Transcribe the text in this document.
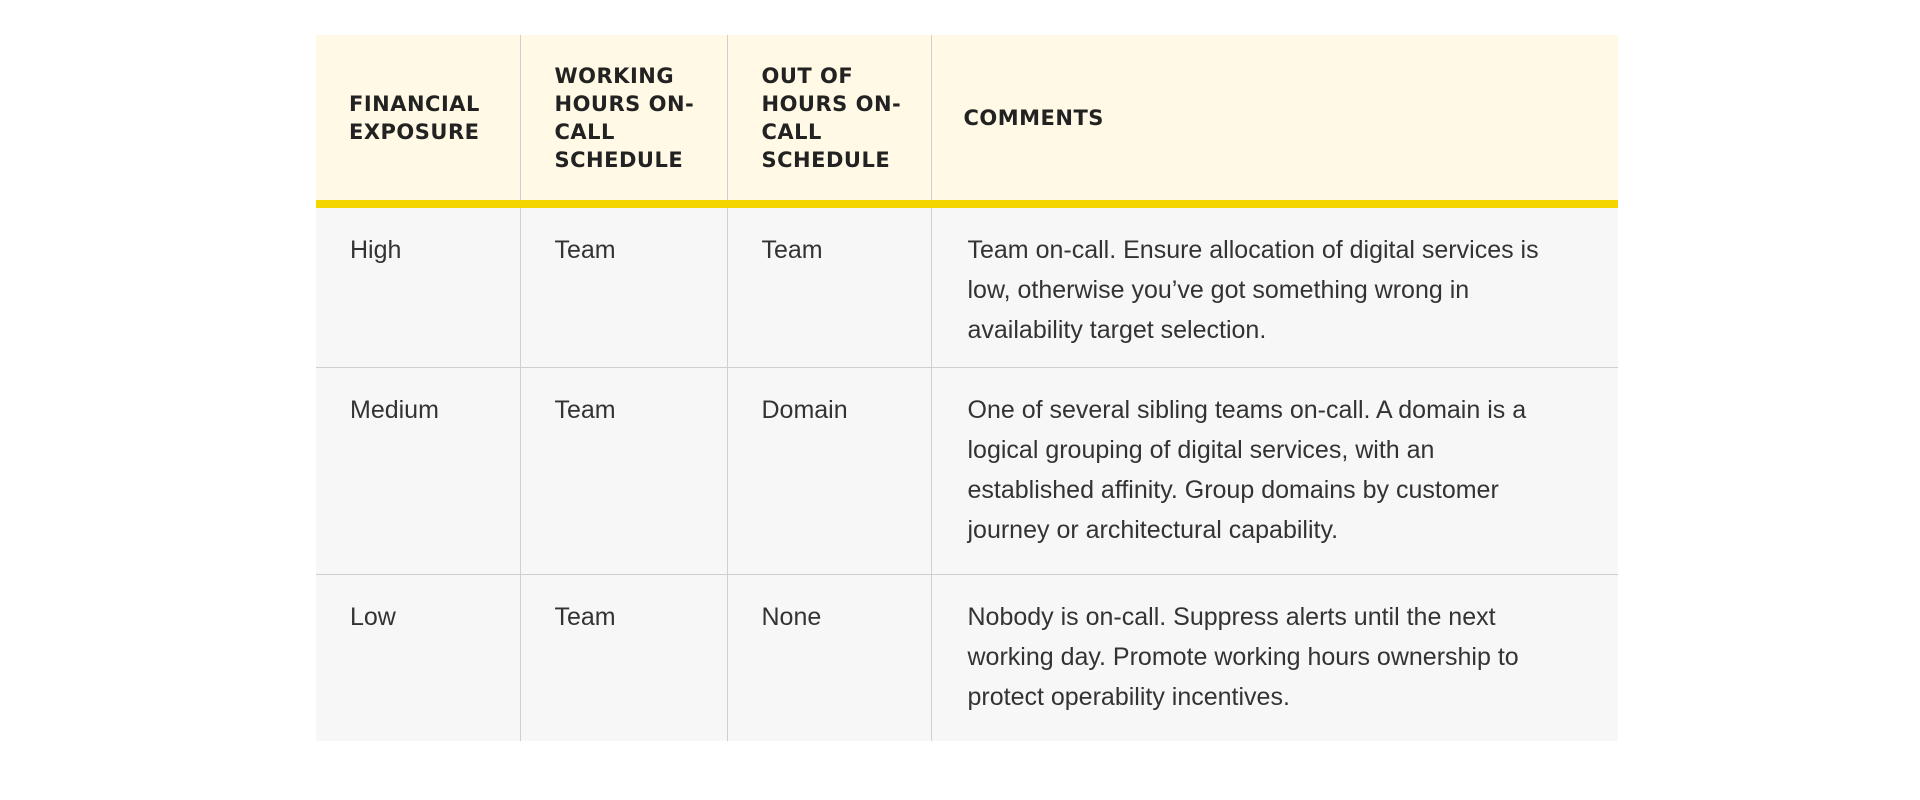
FINANCIAL EXPOSURE	WORKING HOURS ON-CALL SCHEDULE	OUT OF HOURS ON-CALL SCHEDULE	COMMENTS
High	Team	Team	Team on-call. Ensure allocation of digital services is low, otherwise you’ve got something wrong in availability target selection.

Medium	Team	Domain	One of several sibling teams on-call. A domain is a logical grouping of digital services, with an established affinity. Group domains by customer journey or architectural capability.

Low	Team	None	Nobody is on-call. Suppress alerts until the next working day. Promote working hours ownership to protect operability incentives.
